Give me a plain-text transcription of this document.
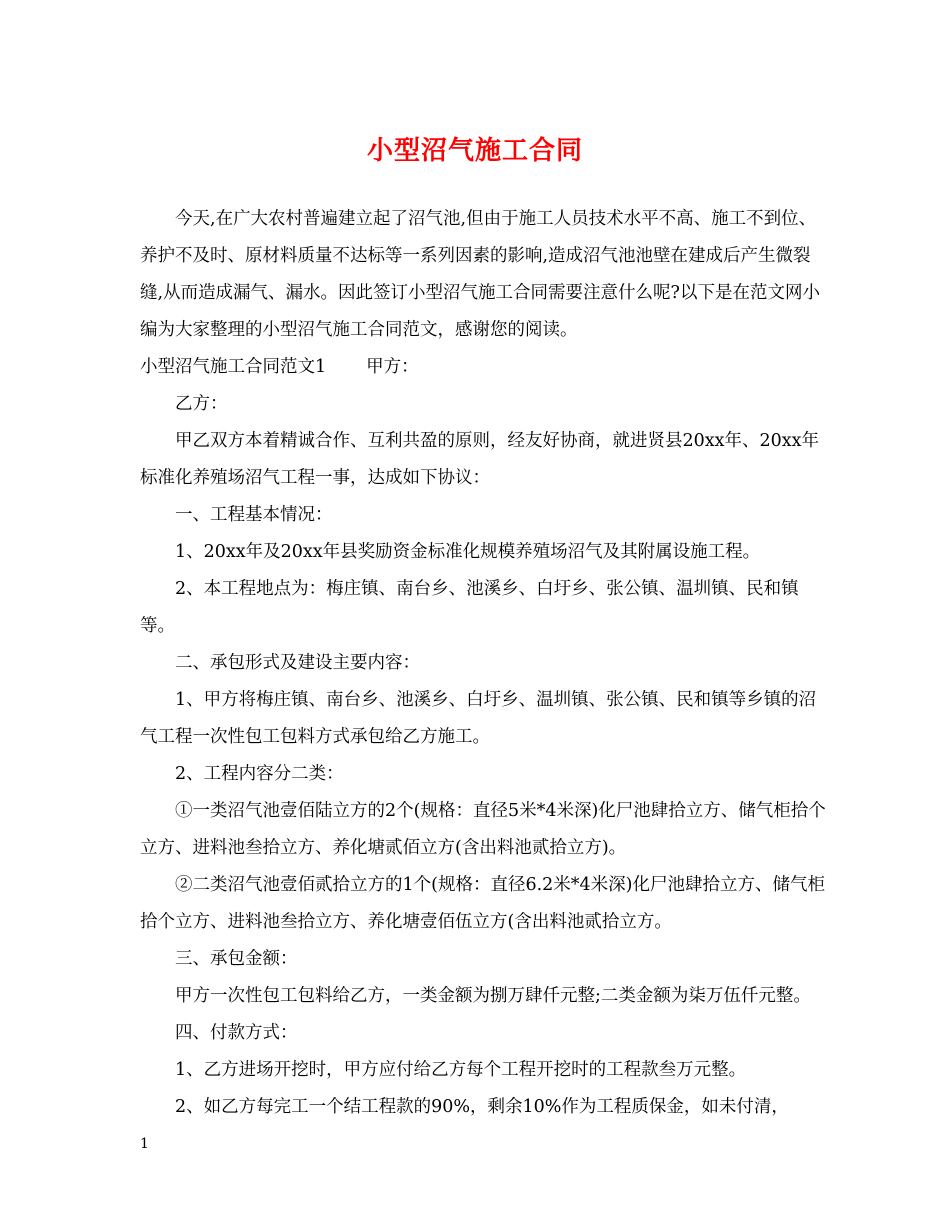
小型沼气施工合同

今天,在广大农村普遍建立起了沼气池,但由于施工人员技术水平不高、施工不到位、养护不及时、原材料质量不达标等一系列因素的影响,造成沼气池池壁在建成后产生微裂缝,从而造成漏气、漏水。因此签订小型沼气施工合同需要注意什么呢?以下是在范文网小编为大家整理的小型沼气施工合同范文，感谢您的阅读。

小型沼气施工合同范文1 甲方：

乙方：

甲乙双方本着精诚合作、互利共盈的原则，经友好协商，就进贤县20xx年、20xx年标准化养殖场沼气工程一事，达成如下协议：

一、工程基本情况：

1、20xx年及20xx年县奖励资金标准化规模养殖场沼气及其附属设施工程。

2、本工程地点为：梅庄镇、南台乡、池溪乡、白圩乡、张公镇、温圳镇、民和镇等。

二、承包形式及建设主要内容：

1、甲方将梅庄镇、南台乡、池溪乡、白圩乡、温圳镇、张公镇、民和镇等乡镇的沼气工程一次性包工包料方式承包给乙方施工。

2、工程内容分二类：

①一类沼气池壹佰陆立方的2个(规格：直径5米*4米深)化尸池肆拾立方、储气柜拾个立方、进料池叁拾立方、养化塘贰佰立方(含出料池贰拾立方)。

②二类沼气池壹佰贰拾立方的1个(规格：直径6.2米*4米深)化尸池肆拾立方、储气柜拾个立方、进料池叁拾立方、养化塘壹佰伍立方(含出料池贰拾立方。

三、承包金额：

甲方一次性包工包料给乙方，一类金额为捌万肆仟元整;二类金额为柒万伍仟元整。

四、付款方式：

1、乙方进场开挖时，甲方应付给乙方每个工程开挖时的工程款叁万元整。

2、如乙方每完工一个结工程款的90%，剩余10%作为工程质保金，如未付清，

1
